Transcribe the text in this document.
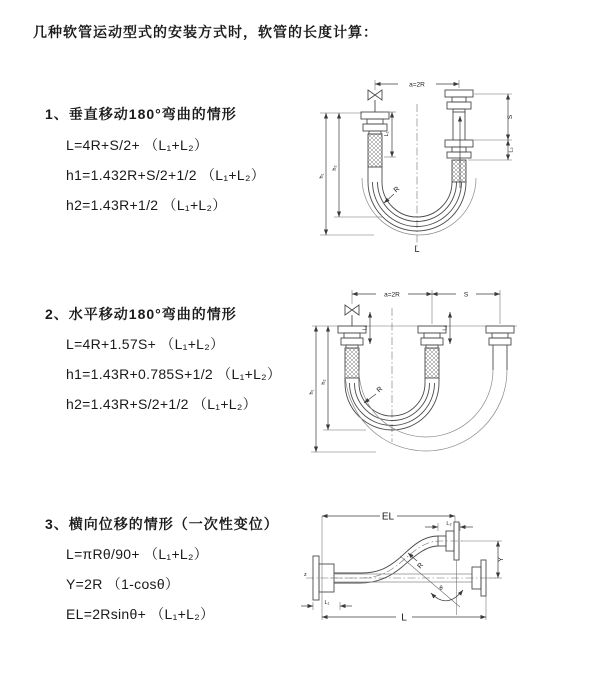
几种软管运动型式的安装方式时，软管的长度计算：
1、垂直移动180°弯曲的情形
L=4R+S/2+ （L₁+L₂）
h1=1.432R+S/2+1/2 （L₁+L₂）
h2=1.43R+1/2 （L₁+L₂）
2、水平移动180°弯曲的情形
L=4R+1.57S+ （L₁+L₂）
h1=1.43R+0.785S+1/2 （L₁+L₂）
h2=1.43R+S/2+1/2 （L₁+L₂）
3、横向位移的情形（一次性变位）
L=πRθ/90+ （L₁+L₂）
Y=2R （1-cosθ）
EL=2Rsinθ+ （L₁+L₂）
a=2R
S
L₂
L₁
h₁
h₂
R
L
a=2R	S
L₁	L₂
h₁
h₂
R
EL
L₂
Y
L
L₁
θ
R
z
